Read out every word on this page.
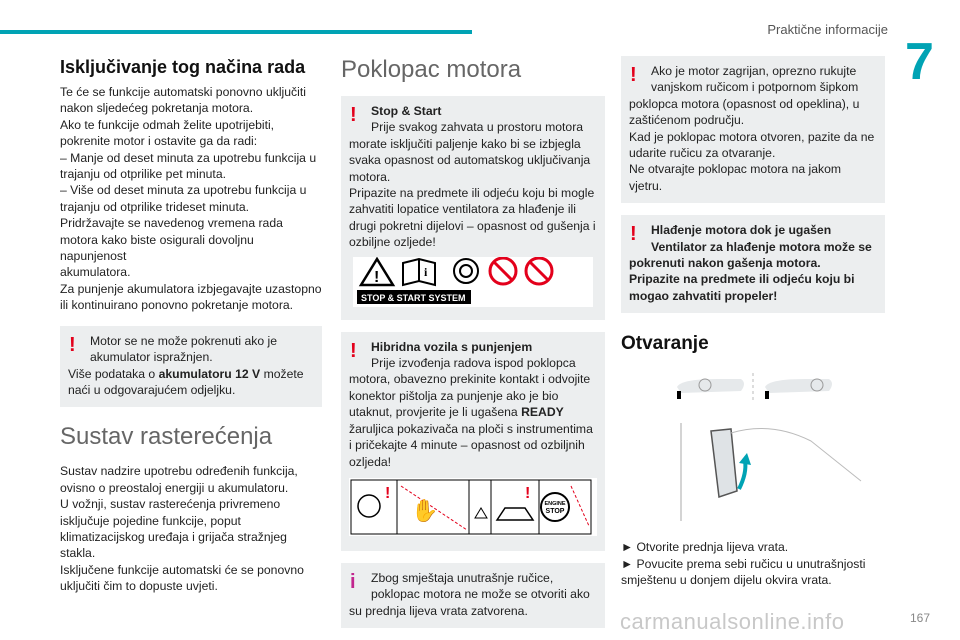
Praktične informacije
7
Isključivanje tog načina rada

Te će se funkcije automatski ponovno uključiti
nakon sljedećeg pokretanja motora.
Ako te funkcije odmah želite upotrijebiti,
pokrenite motor i ostavite ga da radi:
– Manje od deset minuta za upotrebu funkcija u
trajanju od otprilike pet minuta.
– Više od deset minuta za upotrebu funkcija u
trajanju od otprilike trideset minuta.
Pridržavajte se navedenog vremena rada
motora kako biste osigurali dovoljnu napunjenost
akumulatora.
Za punjenje akumulatora izbjegavajte uzastopno
ili kontinuirano ponovno pokretanje motora.

!	Motor se ne može pokrenuti ako je
akumulator ispražnjen.
Više podataka o akumulatoru 12 V možete
naći u odgovarajućem odjeljku.
Sustav rasterećenja

Sustav nadzire upotrebu određenih funkcija,
ovisno o preostaloj energiji u akumulatoru.
U vožnji, sustav rasterećenja privremeno
isključuje pojedine funkcije, poput
klimatizacijskog uređaja i grijača stražnjeg
stakla.
Isključene funkcije automatski će se ponovno
uključiti čim to dopuste uvjeti.

Poklopac motora
!	Stop & Start
Prije svakog zahvata u prostoru motora
morate isključiti paljenje kako bi se izbjegla
svaka opasnost od automatskog uključivanja
motora.
Pripazite na predmete ili odjeću koju bi mogle
zahvatiti lopatice ventilatora za hlađenje ili
drugi pokretni dijelovi – opasnost od gušenja i
ozbiljne ozljede!
!	i
STOP & START SYSTEM
!	Hibridna vozila s punjenjem
Prije izvođenja radova ispod poklopca
motora, obavezno prekinite kontakt i odvojite
konektor pištolja za punjenje ako je bio
utaknut, provjerite je li ugašena READY
žaruljica pokazivača na ploči s instrumentima
i pričekajte 4 minute – opasnost od ozbiljnih
ozljeda!
!
✋
!
ENGINE
STOP
i	Zbog smještaja unutrašnje ručice,
poklopac motora ne može se otvoriti ako
su prednja lijeva vrata zatvorena.
!	Ako je motor zagrijan, oprezno rukujte
vanjskom ručicom i potpornom šipkom
poklopca motora (opasnost od opeklina), u
zaštićenom području.
Kad je poklopac motora otvoren, pazite da ne
udarite ručicu za otvaranje.
Ne otvarajte poklopac motora na jakom vjetru.
!	Hlađenje motora dok je ugašen
Ventilator za hlađenje motora može se
pokrenuti nakon gašenja motora.
Pripazite na predmete ili odjeću koju bi
mogao zahvatiti propeler!
Otvaranje

► Otvorite prednja lijeva vrata.
► Povucite prema sebi ručicu u unutrašnjosti
smještenu u donjem dijelu okvira vrata.

carmanualsonline.info	167
